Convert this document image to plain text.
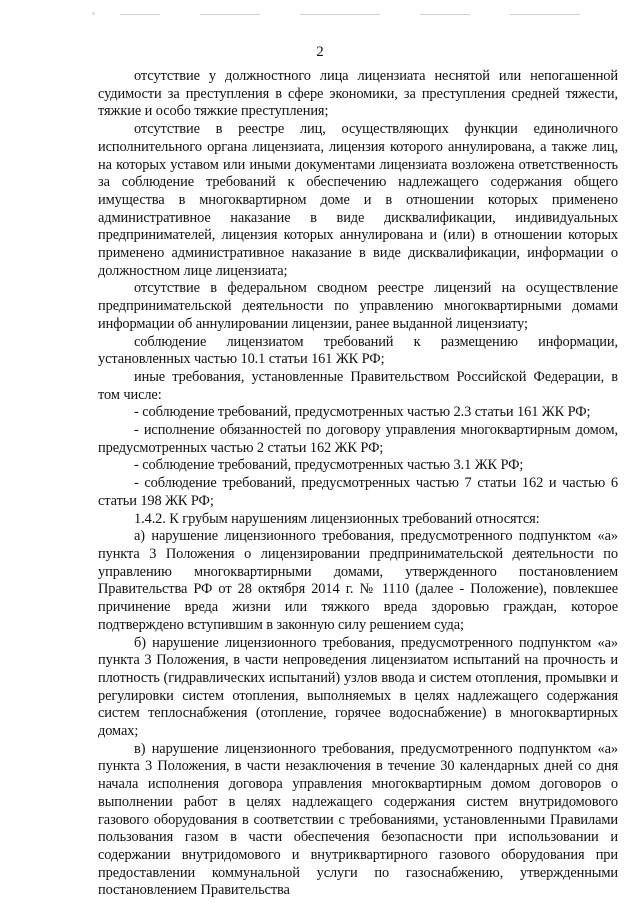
°
2

отсутствие у должностного лица лицензиата неснятой или непогашенной судимости за преступления в сфере экономики, за преступления средней тяжести, тяжкие и особо тяжкие преступления;

отсутствие в реестре лиц, осуществляющих функции единоличного исполнительного органа лицензиата, лицензия которого аннулирована, а также лиц, на которых уставом или иными документами лицензиата возложена ответственность за соблюдение требований к обеспечению надлежащего содержания общего имущества в многоквартирном доме и в отношении которых применено административное наказание в виде дисквалификации, индивидуальных предпринимателей, лицензия которых аннулирована и (или) в отношении которых применено административное наказание в виде дисквалификации, информации о должностном лице лицензиата;

отсутствие в федеральном сводном реестре лицензий на осуществление предпринимательской деятельности по управлению многоквартирными домами информации об аннулировании лицензии, ранее выданной лицензиату;

соблюдение лицензиатом требований к размещению информации, установленных частью 10.1 статьи 161 ЖК РФ;

иные требования, установленные Правительством Российской Федерации, в том числе:

- соблюдение требований, предусмотренных частью 2.3 статьи 161 ЖК РФ;

- исполнение обязанностей по договору управления многоквартирным домом, предусмотренных частью 2 статьи 162 ЖК РФ;

- соблюдение требований, предусмотренных частью 3.1 ЖК РФ;

- соблюдение требований, предусмотренных частью 7 статьи 162 и частью 6 статьи 198 ЖК РФ;

1.4.2. К грубым нарушениям лицензионных требований относятся:

а) нарушение лицензионного требования, предусмотренного подпунктом «а» пункта 3 Положения о лицензировании предпринимательской деятельности по управлению многоквартирными домами, утвержденного постановлением Правительства РФ от 28 октября 2014 г. № 1110 (далее - Положение), повлекшее причинение вреда жизни или тяжкого вреда здоровью граждан, которое подтверждено вступившим в законную силу решением суда;

б) нарушение лицензионного требования, предусмотренного подпунктом «а» пункта 3 Положения, в части непроведения лицензиатом испытаний на прочность и плотность (гидравлических испытаний) узлов ввода и систем отопления, промывки и регулировки систем отопления, выполняемых в целях надлежащего содержания систем теплоснабжения (отопление, горячее водоснабжение) в многоквартирных домах;

в) нарушение лицензионного требования, предусмотренного подпунктом «а» пункта 3 Положения, в части незаключения в течение 30 календарных дней со дня начала исполнения договора управления многоквартирным домом договоров о выполнении работ в целях надлежащего содержания систем внутридомового газового оборудования в соответствии с требованиями, установленными Правилами пользования газом в части обеспечения безопасности при использовании и содержании внутридомового и внутриквартирного газового оборудования при предоставлении коммунальной услуги по газоснабжению, утвержденными постановлением Правительства
